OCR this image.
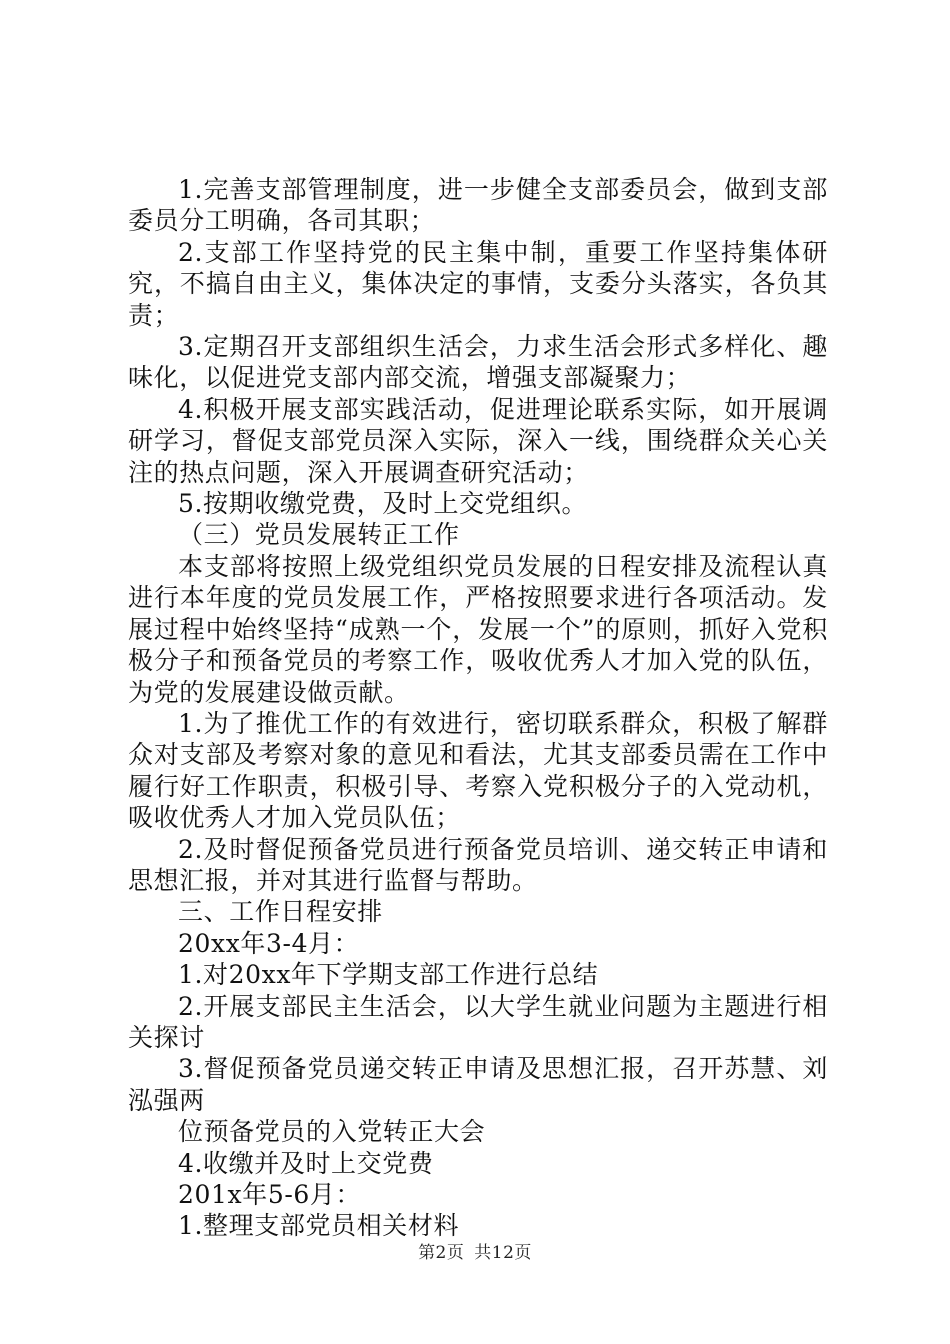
1.完善支部管理制度，进一步健全支部委员会，做到支部委员分工明确，各司其职；

2.支部工作坚持党的民主集中制，重要工作坚持集体研究，不搞自由主义，集体决定的事情，支委分头落实，各负其责；

3.定期召开支部组织生活会，力求生活会形式多样化、趣味化，以促进党支部内部交流，增强支部凝聚力；

4.积极开展支部实践活动，促进理论联系实际，如开展调研学习，督促支部党员深入实际，深入一线，围绕群众关心关注的热点问题，深入开展调查研究活动；

5.按期收缴党费，及时上交党组织。

（三）党员发展转正工作

本支部将按照上级党组织党员发展的日程安排及流程认真进行本年度的党员发展工作，严格按照要求进行各项活动。发展过程中始终坚持“成熟一个，发展一个”的原则，抓好入党积极分子和预备党员的考察工作，吸收优秀人才加入党的队伍，为党的发展建设做贡献。

1.为了推优工作的有效进行，密切联系群众，积极了解群众对支部及考察对象的意见和看法，尤其支部委员需在工作中履行好工作职责，积极引导、考察入党积极分子的入党动机，吸收优秀人才加入党员队伍；

2.及时督促预备党员进行预备党员培训、递交转正申请和思想汇报，并对其进行监督与帮助。

三、工作日程安排

20xx年3-4月：

1.对20xx年下学期支部工作进行总结

2.开展支部民主生活会，以大学生就业问题为主题进行相关探讨

3.督促预备党员递交转正申请及思想汇报，召开苏慧、刘泓强两

位预备党员的入党转正大会

4.收缴并及时上交党费

201x年5-6月：

1.整理支部党员相关材料

第2页 共12页
